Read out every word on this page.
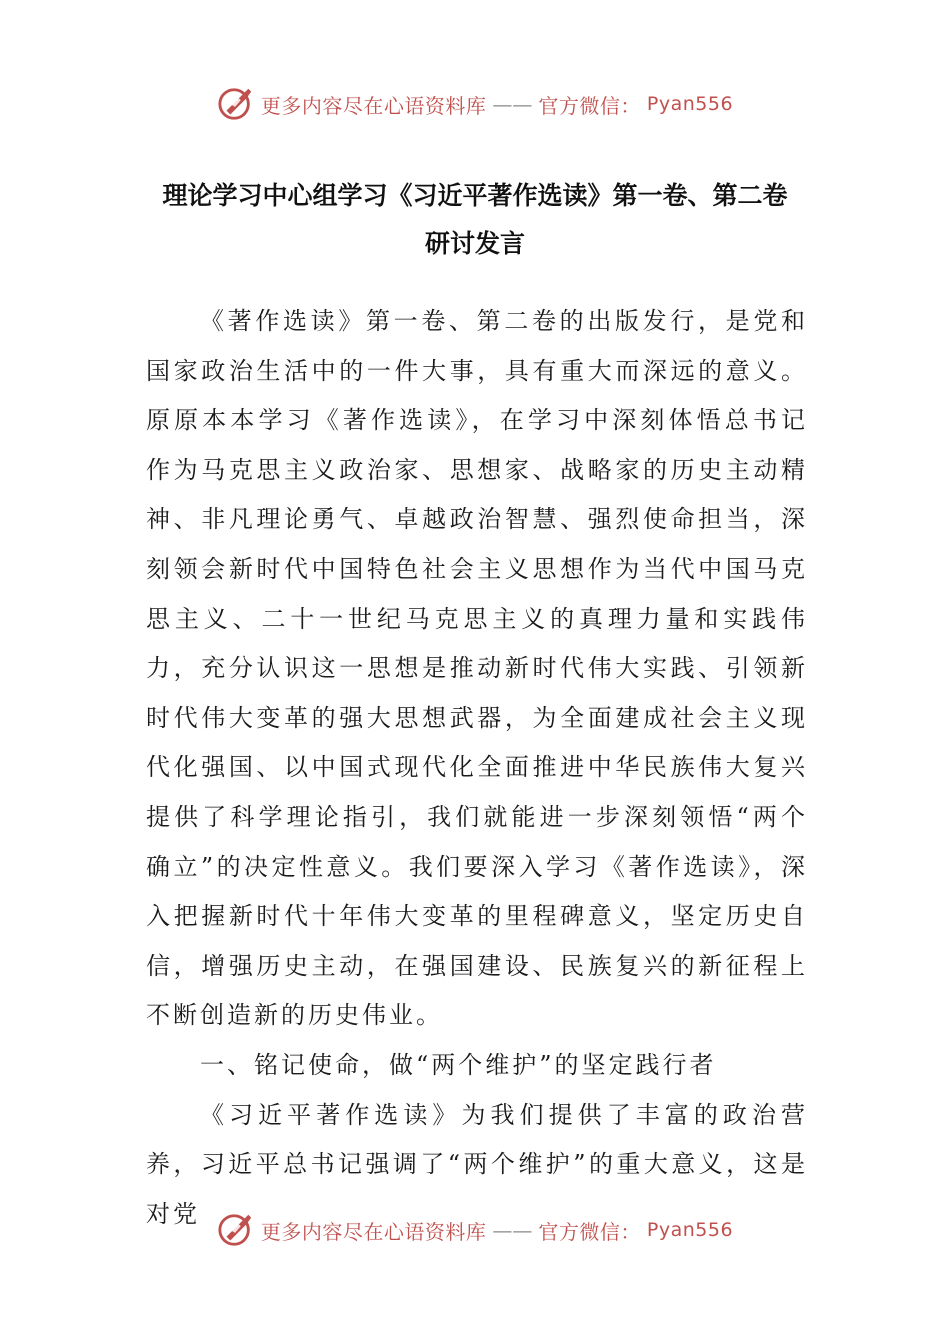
更多内容尽在心语资料库 —— 官方微信： Pyan556
理论学习中心组学习《习近平著作选读》第一卷、第二卷
研讨发言

《著作选读》第一卷、第二卷的出版发行，是党和国家政治生活中的一件大事，具有重大而深远的意义。原原本本学习《著作选读》，在学习中深刻体悟总书记作为马克思主义政治家、思想家、战略家的历史主动精神、非凡理论勇气、卓越政治智慧、强烈使命担当，深刻领会新时代中国特色社会主义思想作为当代中国马克思主义、二十一世纪马克思主义的真理力量和实践伟力，充分认识这一思想是推动新时代伟大实践、引领新时代伟大变革的强大思想武器，为全面建成社会主义现代化强国、以中国式现代化全面推进中华民族伟大复兴提供了科学理论指引，我们就能进一步深刻领悟“两个确立”的决定性意义。我们要深入学习《著作选读》，深入把握新时代十年伟大变革的里程碑意义，坚定历史自信，增强历史主动，在强国建设、民族复兴的新征程上不断创造新的历史伟业。

一、铭记使命，做“两个维护”的坚定践行者

《习近平著作选读》为我们提供了丰富的政治营养，习近平总书记强调了“两个维护”的重大意义，这是对党

更多内容尽在心语资料库 —— 官方微信： Pyan556
